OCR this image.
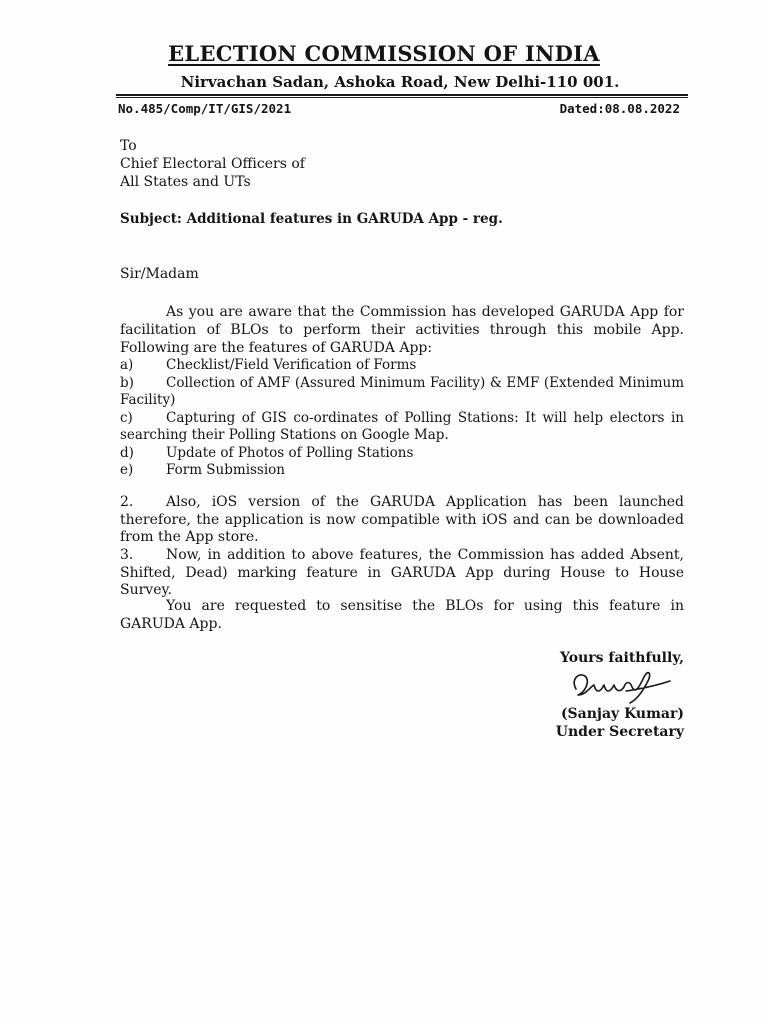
ELECTION COMMISSION OF INDIA

Nirvachan Sadan, Ashoka Road, New Delhi-110 001.

No.485/Comp/IT/GIS/2021	Dated:08.08.2022
To
Chief Electoral Officers of
All States and UTs
Subject: Additional features in GARUDA App - reg.
Sir/Madam

As you are aware that the Commission has developed GARUDA App for facilitation of BLOs to perform their activities through this mobile App. Following are the features of GARUDA App:

a) Checklist/Field Verification of Forms
b) Collection of AMF (Assured Minimum Facility) & EMF (Extended Minimum Facility)
c) Capturing of GIS co-ordinates of Polling Stations: It will help electors in searching their Polling Stations on Google Map.
d) Update of Photos of Polling Stations
e) Form Submission

2. Also, iOS version of the GARUDA Application has been launched therefore, the application is now compatible with iOS and can be downloaded from the App store.

3. Now, in addition to above features, the Commission has added Absent, Shifted, Dead) marking feature in GARUDA App during House to House Survey.

You are requested to sensitise the BLOs for using this feature in GARUDA App.

Yours faithfully,
(Sanjay Kumar)
Under Secretary
